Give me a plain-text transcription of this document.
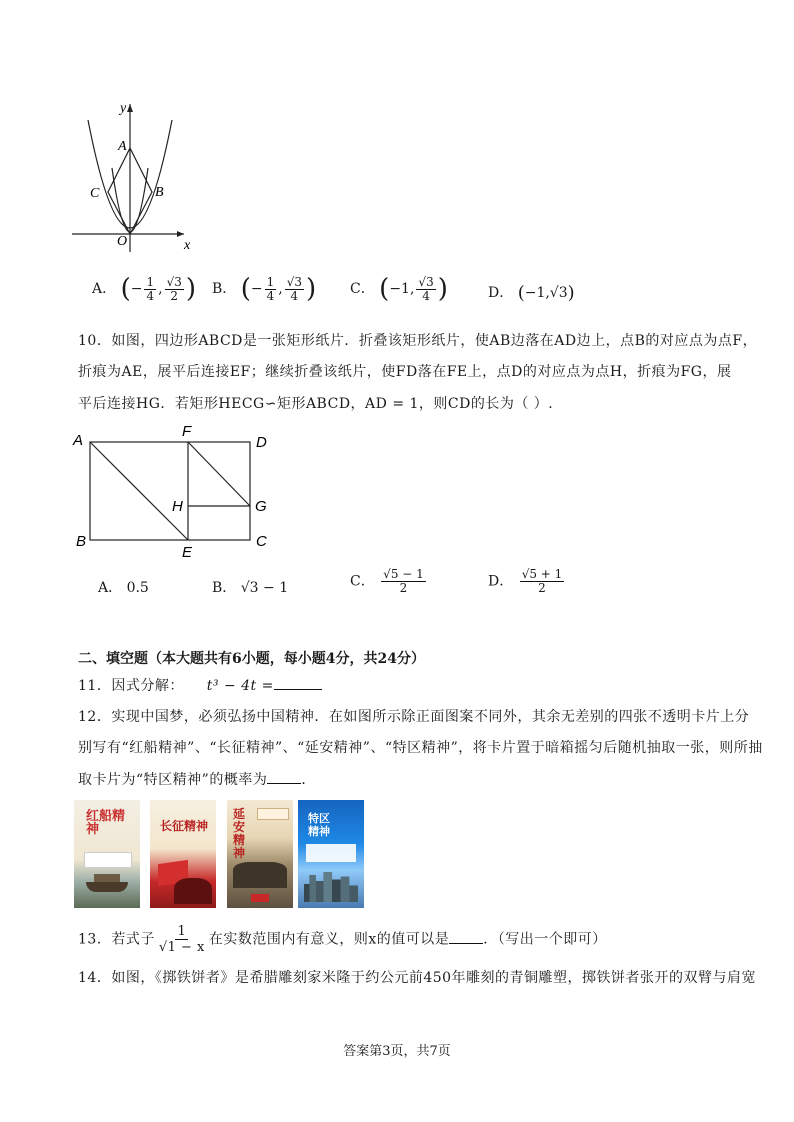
y
x
A
B
C
O
A． (− $\frac{1}{4}$ , $\frac{√3}{2}$ ) B． (− $\frac{1}{4}$ , $\frac{√3}{4}$ ) C． (−1, $\frac{√3}{4}$ )	D． (−1,√3)
10．如图，四边形ABCD是一张矩形纸片．折叠该矩形纸片，使AB边落在AD边上，点B的对应点为点F，
折痕为AE，展平后连接EF；继续折叠该纸片，使FD落在FE上，点D的对应点为点H，折痕为FG，展
平后连接HG．若矩形HECG∽矩形ABCD，AD = 1，则CD的长为（ ）.
A
F
D
H	G
B
E
C
A． 0.5	B． √3 − 1	C． $\frac{√5 - 1}{2}$	D． $\frac{√5 + 1}{2}$
二、填空题（本大题共有6小题，每小题4分，共24分）
11．因式分解： t³ − 4t =
12．实现中国梦，必须弘扬中国精神．在如图所示除正面图案不同外，其余无差别的四张不透明卡片上分
别写有“红船精神”、“长征精神”、“延安精神”、“特区精神”，将卡片置于暗箱摇匀后随机抽取一张，则所抽
取卡片为“特区精神”的概率为 ．
红船精神	长征精神
延安精神
特区精神
13．若式子 $\frac{1}{√1 - x}$ 在实数范围内有意义，则x的值可以是 ．（写出一个即可）
14．如图，《掷铁饼者》是希腊雕刻家米隆于约公元前450年雕刻的青铜雕塑，掷铁饼者张开的双臂与肩宽
答案第3页，共7页
